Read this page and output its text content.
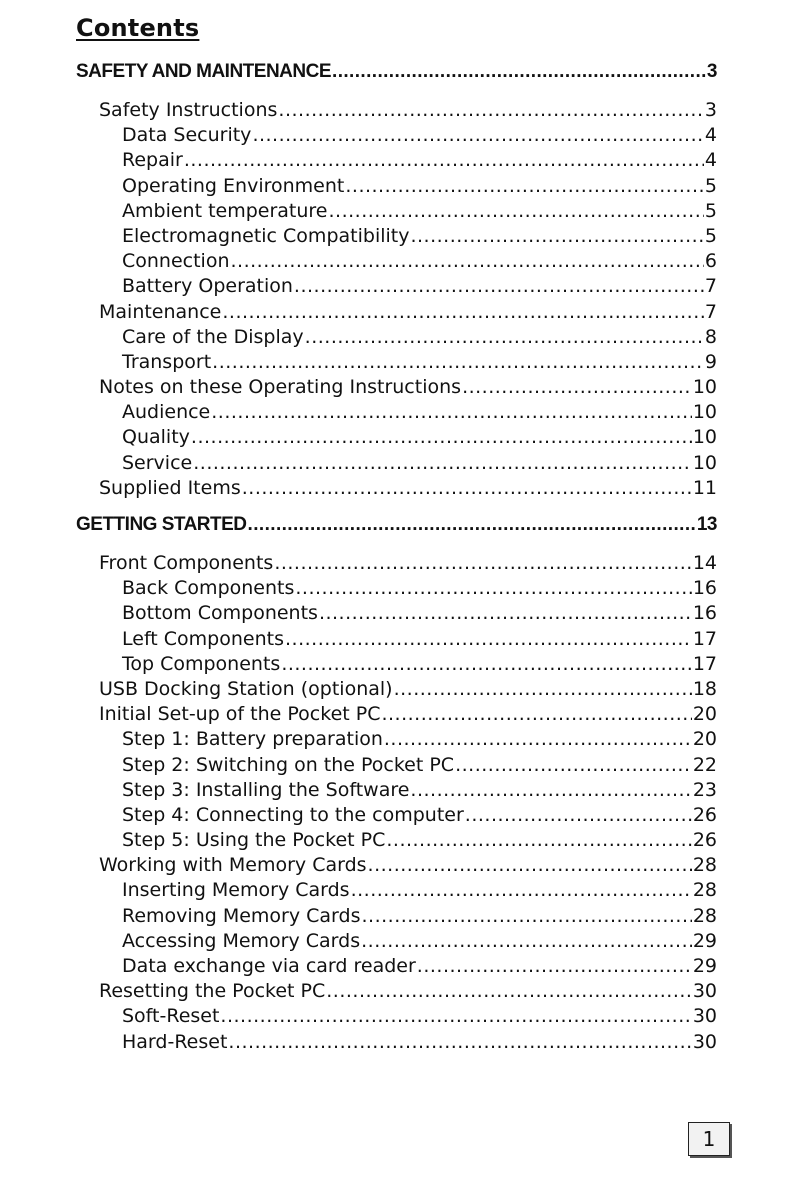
Contents
SAFETY AND MAINTENANCE .....	3
Safety Instructions .....	3
Data Security .....	4
Repair .....	4
Operating Environment .....	5
Ambient temperature .....	5
Electromagnetic Compatibility .....	5
Connection .....	6
Battery Operation .....	7
Maintenance .....	7
Care of the Display .....	8
Transport .....	9
Notes on these Operating Instructions .....	10
Audience .....	10
Quality .....	10
Service .....	10
Supplied Items .....	11
GETTING STARTED .....	13
Front Components .....	14
Back Components .....	16
Bottom Components .....	16
Left Components .....	17
Top Components .....	17
USB Docking Station (optional) .....	18
Initial Set-up of the Pocket PC .....	20
Step 1: Battery preparation .....	20
Step 2: Switching on the Pocket PC .....	22
Step 3: Installing the Software .....	23
Step 4: Connecting to the computer .....	26
Step 5: Using the Pocket PC .....	26
Working with Memory Cards .....	28
Inserting Memory Cards .....	28
Removing Memory Cards .....	28
Accessing Memory Cards .....	29
Data exchange via card reader .....	29
Resetting the Pocket PC .....	30
Soft-Reset .....	30
Hard-Reset .....	30
1
